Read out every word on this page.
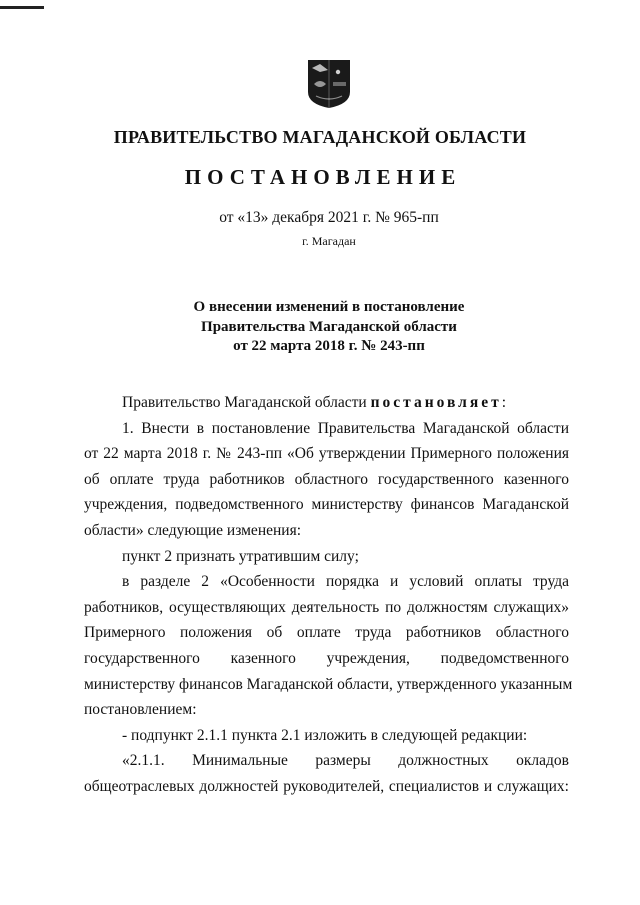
ПРАВИТЕЛЬСТВО МАГАДАНСКОЙ ОБЛАСТИ
ПОСТАНОВЛЕНИЕ
от «13» декабря 2021 г. № 965-пп
г. Магадан
О внесении изменений в постановление
Правительства Магаданской области
от 22 марта 2018 г. № 243-пп
Правительство Магаданской области постановляет:
1. Внести в постановление Правительства Магаданской области
от 22 марта 2018 г. № 243-пп «Об утверждении Примерного положения
об оплате труда работников областного государственного казенного
учреждения, подведомственного министерству финансов Магаданской
области» следующие изменения:
пункт 2 признать утратившим силу;
в разделе 2 «Особенности порядка и условий оплаты труда
работников, осуществляющих деятельность по должностям служащих»
Примерного положения об оплате труда работников областного
государственного казенного учреждения, подведомственного
министерству финансов Магаданской области, утвержденного указанным
постановлением:
- подпункт 2.1.1 пункта 2.1 изложить в следующей редакции:
«2.1.1. Минимальные размеры должностных окладов
общеотраслевых должностей руководителей, специалистов и служащих:
